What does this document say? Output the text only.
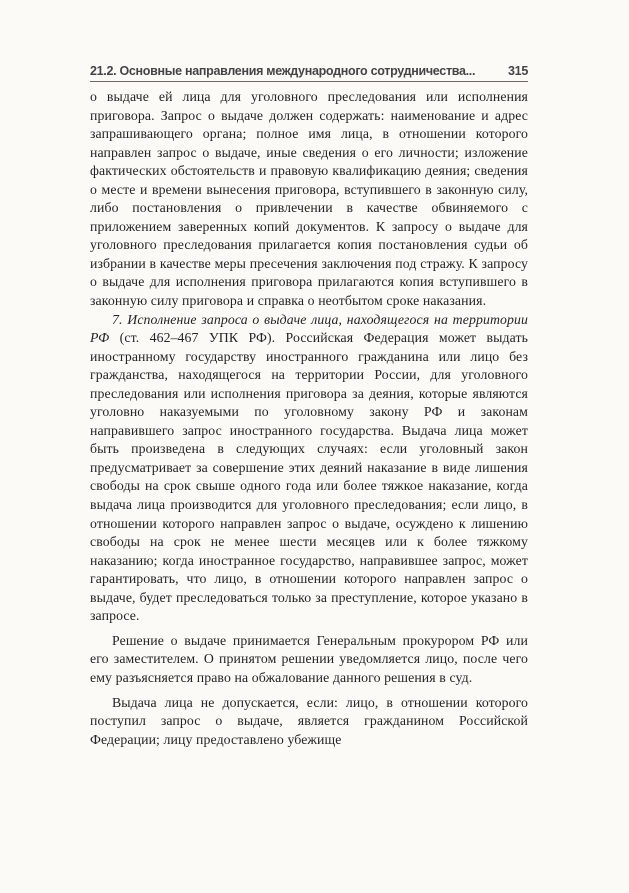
21.2. Основные направления международного сотрудничества...	315

о выдаче ей лица для уголовного преследования или исполнения приговора. Запрос о выдаче должен содержать: наименование и адрес запрашивающего органа; полное имя лица, в отношении которого направлен запрос о выдаче, иные сведения о его личности; изложение фактических обстоятельств и правовую квалификацию деяния; сведения о месте и времени вынесения приговора, вступившего в законную силу, либо постановления о привлечении в качестве обвиняемого с приложением заверенных копий документов. К запросу о выдаче для уголовного преследования прилагается копия постановления судьи об избрании в качестве меры пресечения заключения под стражу. К запросу о выдаче для исполнения приговора прилагаются копия вступившего в законную силу приговора и справка о неотбытом сроке наказания.

7. Исполнение запроса о выдаче лица, находящегося на территории РФ (ст. 462–467 УПК РФ). Российская Федерация может выдать иностранному государству иностранного гражданина или лицо без гражданства, находящегося на территории России, для уголовного преследования или исполнения приговора за деяния, которые являются уголовно наказуемыми по уголовному закону РФ и законам направившего запрос иностранного государства. Выдача лица может быть произведена в следующих случаях: если уголовный закон предусматривает за совершение этих деяний наказание в виде лишения свободы на срок свыше одного года или более тяжкое наказание, когда выдача лица производится для уголовного преследования; если лицо, в отношении которого направлен запрос о выдаче, осуждено к лишению свободы на срок не менее шести месяцев или к более тяжкому наказанию; когда иностранное государство, направившее запрос, может гарантировать, что лицо, в отношении которого направлен запрос о выдаче, будет преследоваться только за преступление, которое указано в запросе.

Решение о выдаче принимается Генеральным прокурором РФ или его заместителем. О принятом решении уведомляется лицо, после чего ему разъясняется право на обжалование данного решения в суд.

Выдача лица не допускается, если: лицо, в отношении которого поступил запрос о выдаче, является гражданином Российской Федерации; лицу предоставлено убежище
